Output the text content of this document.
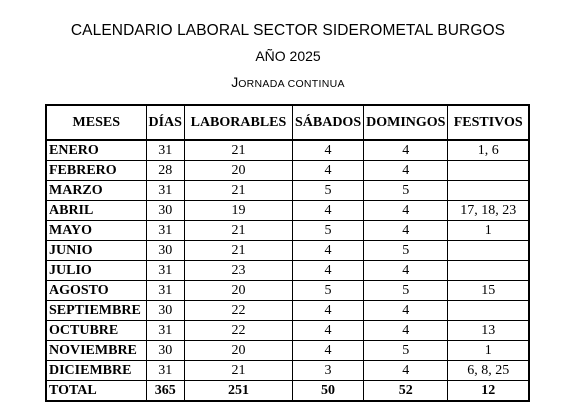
CALENDARIO LABORAL SECTOR SIDEROMETAL BURGOS
AÑO 2025
JORNADA CONTINUA
MESES	DÍAS	LABORABLES	SÁBADOS	DOMINGOS	FESTIVOS
ENERO	31	21	4	4	1, 6
FEBRERO	28	20	4	4	
MARZO	31	21	5	5	
ABRIL	30	19	4	4	17, 18, 23
MAYO	31	21	5	4	1
JUNIO	30	21	4	5	
JULIO	31	23	4	4	
AGOSTO	31	20	5	5	15
SEPTIEMBRE	30	22	4	4	
OCTUBRE	31	22	4	4	13
NOVIEMBRE	30	20	4	5	1
DICIEMBRE	31	21	3	4	6, 8, 25
TOTAL	365	251	50	52	12
